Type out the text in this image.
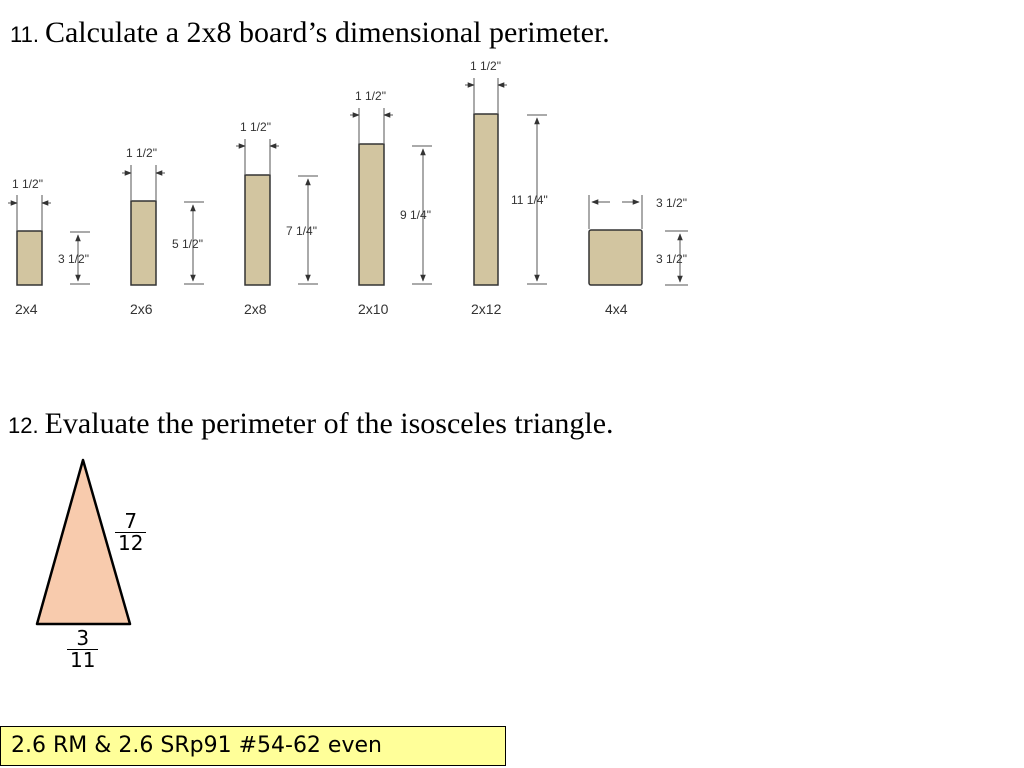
11. Calculate a 2x8 board’s dimensional perimeter.
1 1/2"
3 1/2"
2x4
1 1/2"
5 1/2"
2x6
1 1/2"
7 1/4"
2x8
1 1/2"
9 1/4"
2x10
1 1/2"
11 1/4"
2x12
3 1/2"
3 1/2"
4x4
12. Evaluate the perimeter of the isosceles triangle.
7
12
3
11
2.6 RM & 2.6 SRp91 #54-62 even
